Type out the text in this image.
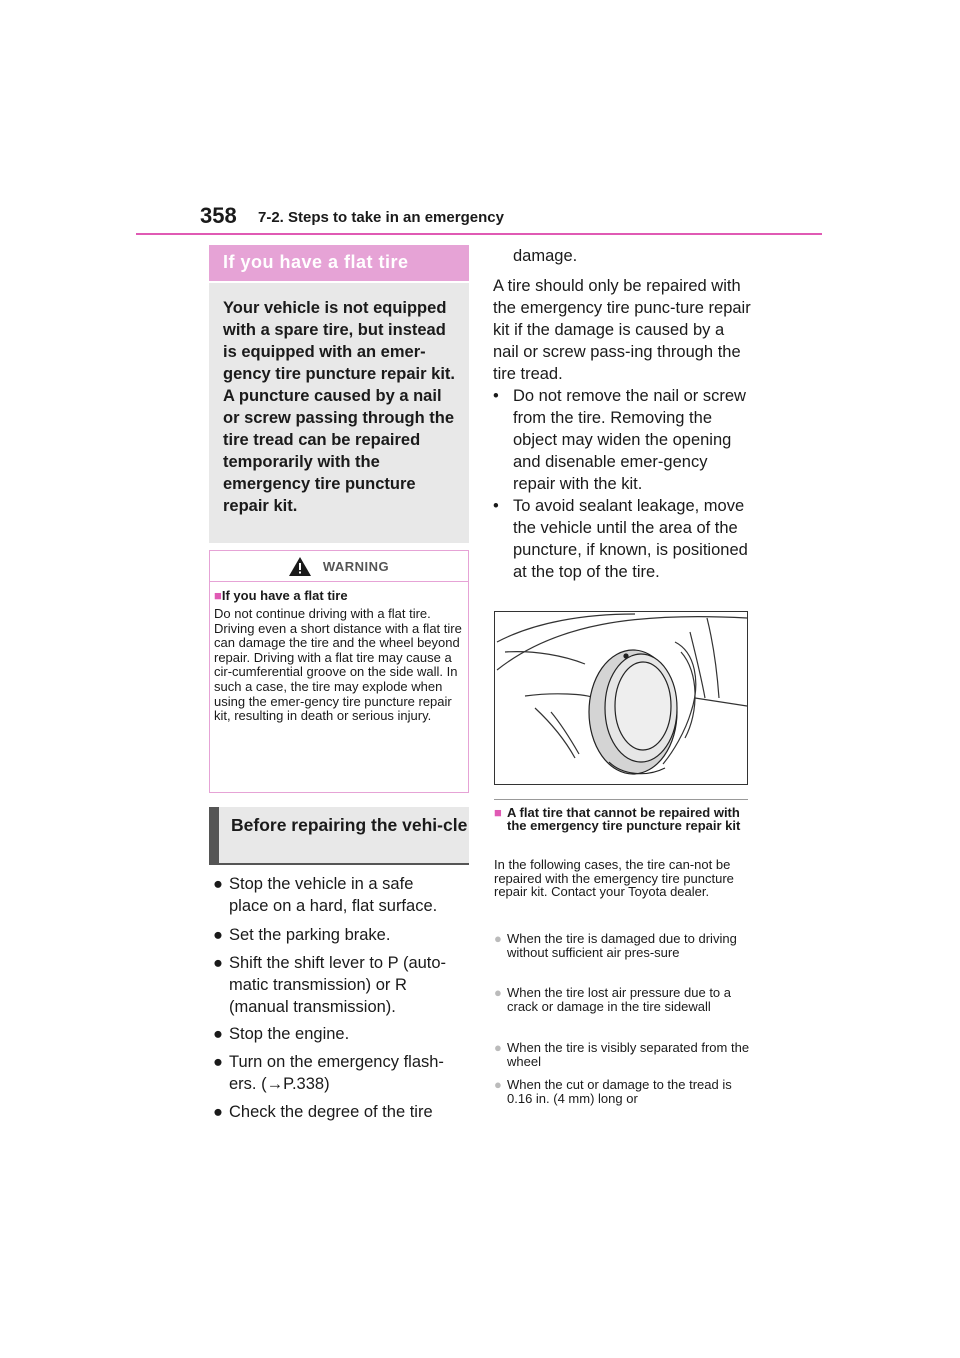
358 7-2. Steps to take in an emergency
If you have a flat tire

Your vehicle is not equipped with a spare tire, but instead is equipped with an emer-gency tire puncture repair kit.

A puncture caused by a nail or screw passing through the tire tread can be repaired temporarily with the emergency tire puncture repair kit.

WARNING
■If you have a flat tire

Do not continue driving with a flat tire.

Driving even a short distance with a flat tire can damage the tire and the wheel beyond repair. Driving with a flat tire may cause a cir-cumferential groove on the side wall. In such a case, the tire may explode when using the emer-gency tire puncture repair kit, resulting in death or serious injury.

Before repairing the vehi-cle
● Stop the vehicle in a safe
place on a hard, flat surface.
● Set the parking brake.
● Shift the shift lever to P (auto-
matic transmission) or R
(manual transmission).
● Stop the engine.
● Turn on the emergency flash-
ers. (→P.338)
● Check the degree of the tire

damage.

A tire should only be repaired with the emergency tire punc-ture repair kit if the damage is caused by a nail or screw pass-ing through the tire tread.

• Do not remove the nail or screw from the tire. Removing the object may widen the opening and disenable emer-gency repair with the kit.
• To avoid sealant leakage, move the vehicle until the area of the puncture, if known, is positioned at the top of the tire.
■ A flat tire that cannot be repaired with the emergency tire puncture repair kit
In the following cases, the tire can-not be repaired with the emergency tire puncture repair kit. Contact your Toyota dealer.
● When the tire is damaged due to driving without sufficient air pres-sure
● When the tire lost air pressure due to a crack or damage in the tire sidewall
● When the tire is visibly separated from the wheel
● When the cut or damage to the tread is 0.16 in. (4 mm) long or
